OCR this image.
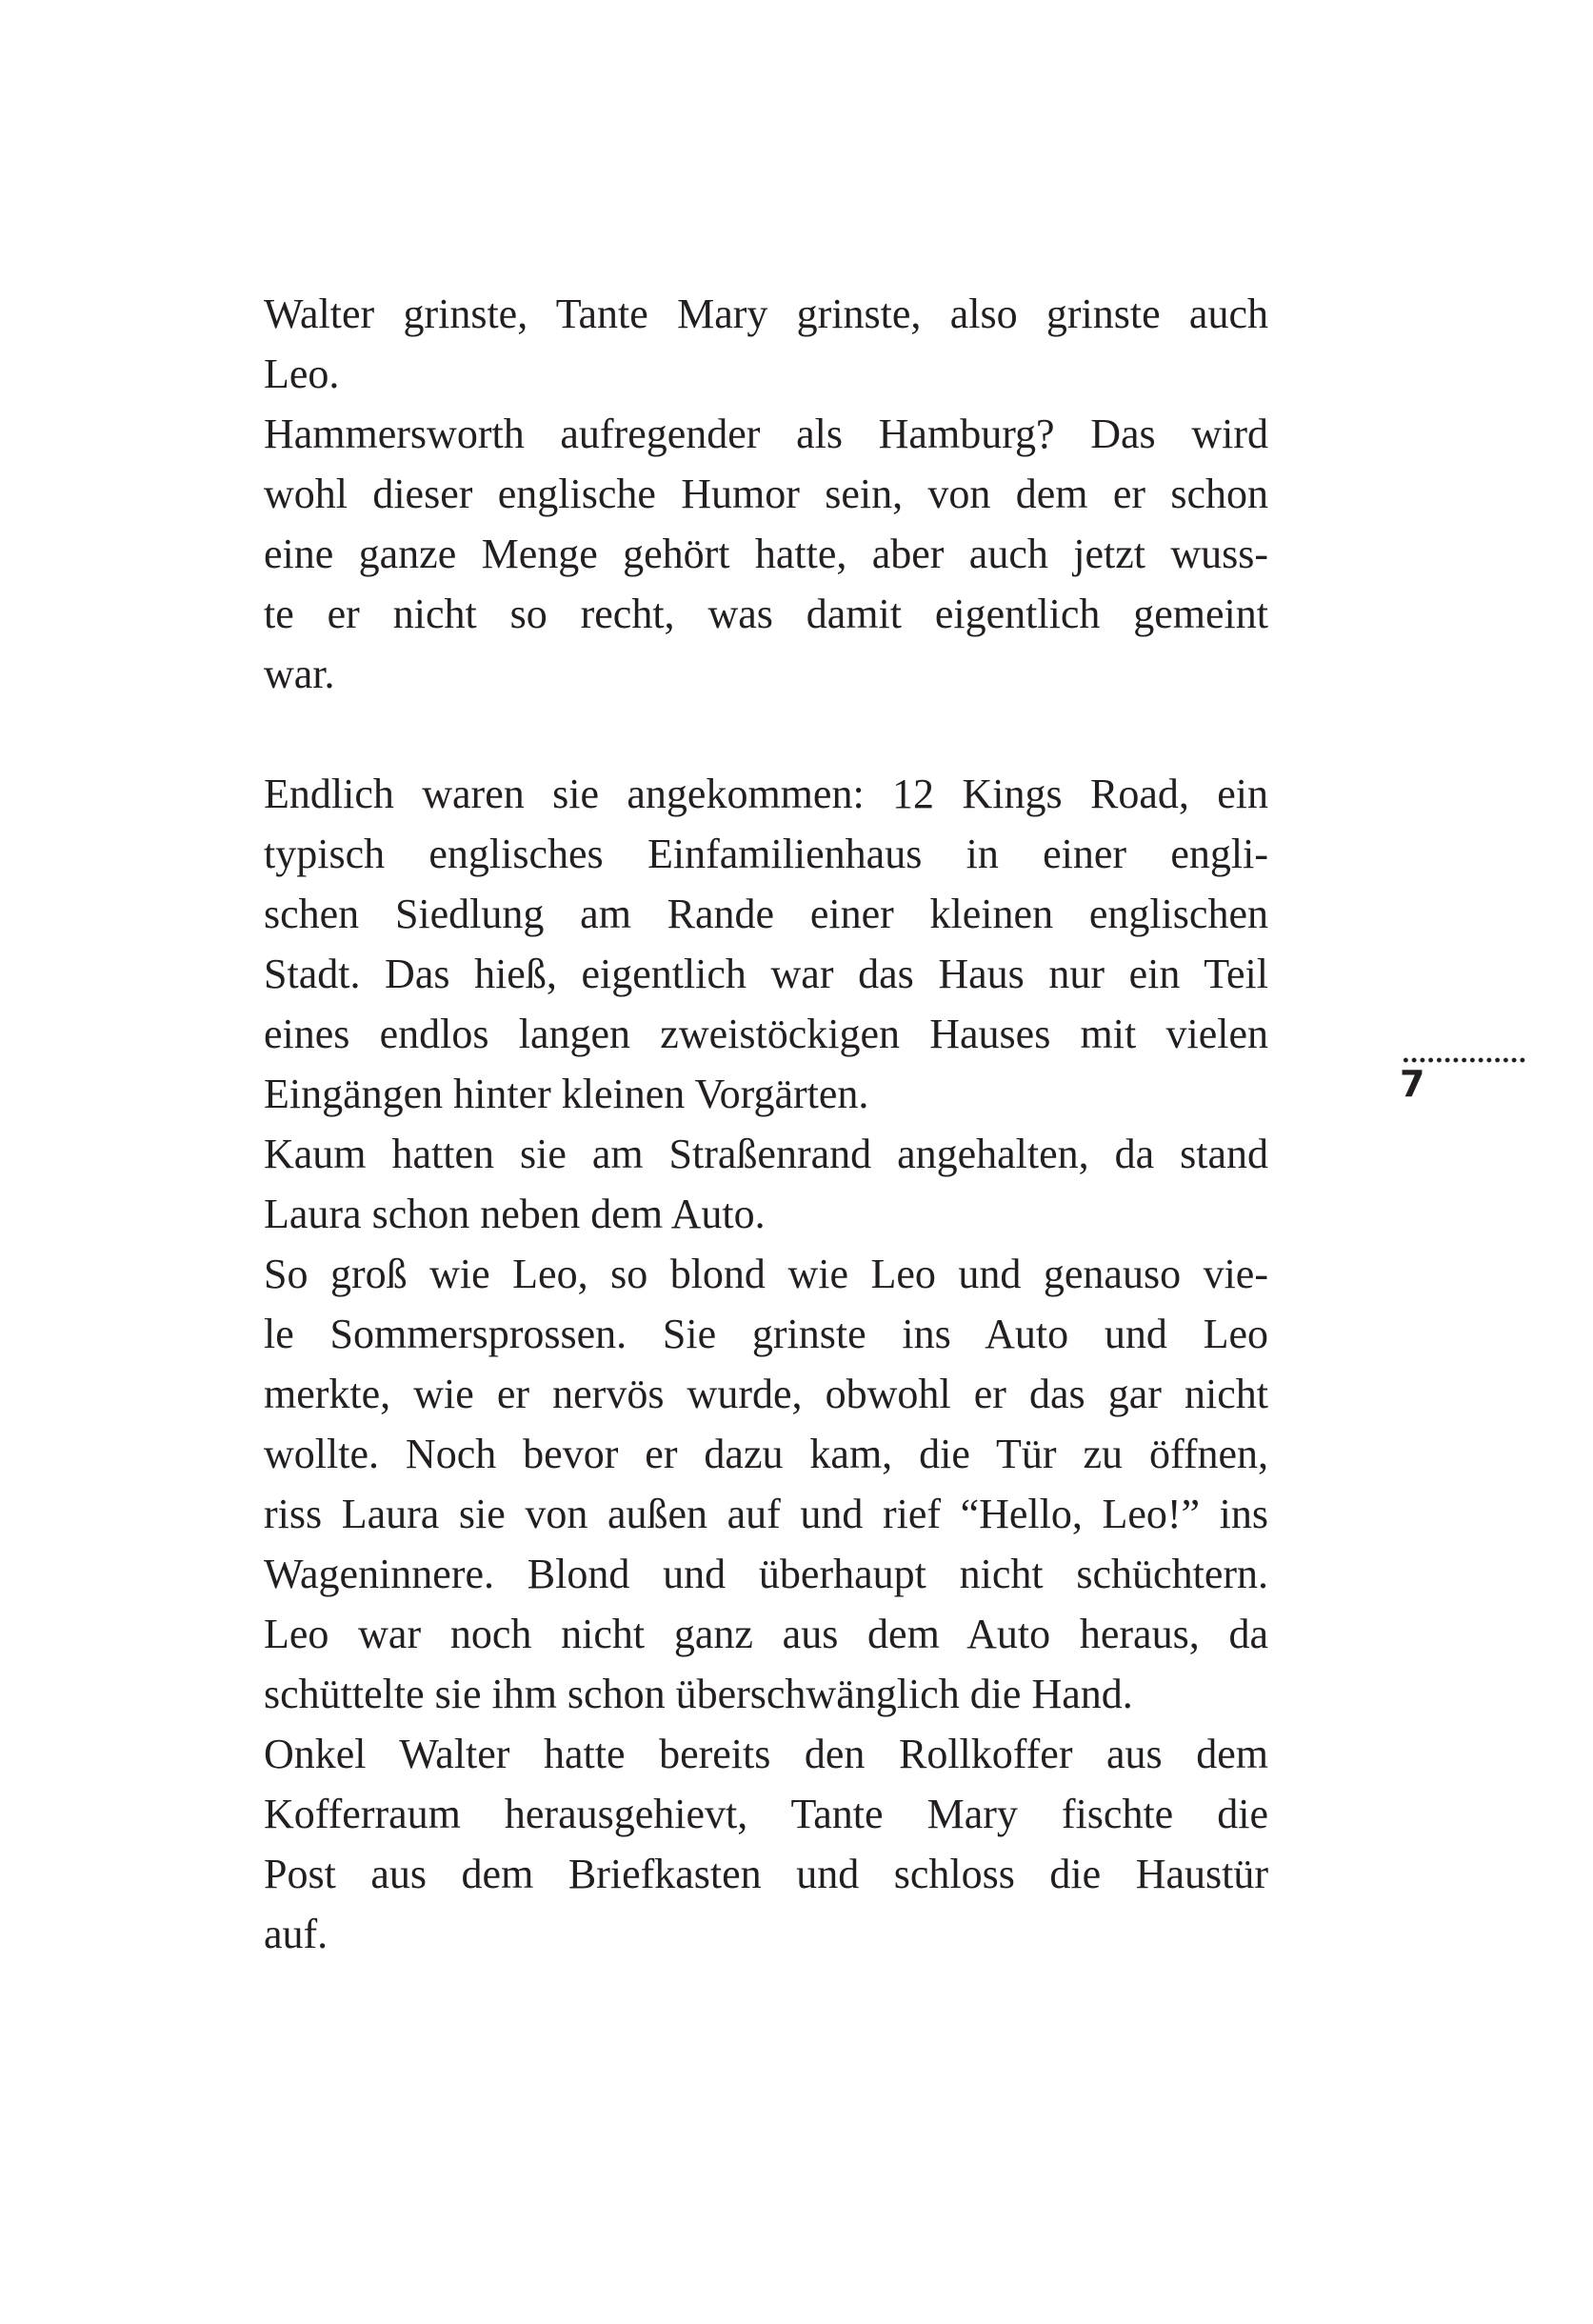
Walter grinste, Tante Mary grinste, also grinste auch
Leo.
Hammersworth aufregender als Hamburg? Das wird
wohl dieser englische Humor sein, von dem er schon
eine ganze Menge gehört hatte, aber auch jetzt wuss-
te er nicht so recht, was damit eigentlich gemeint
war.
Endlich waren sie angekommen: 12 Kings Road, ein
typisch englisches Einfamilienhaus in einer engli-
schen Siedlung am Rande einer kleinen englischen
Stadt. Das hieß, eigentlich war das Haus nur ein Teil
eines endlos langen zweistöckigen Hauses mit vielen
Eingängen hinter kleinen Vorgärten.
Kaum hatten sie am Straßenrand angehalten, da stand
Laura schon neben dem Auto.
So groß wie Leo, so blond wie Leo und genauso vie-
le Sommersprossen. Sie grinste ins Auto und Leo
merkte, wie er nervös wurde, obwohl er das gar nicht
wollte. Noch bevor er dazu kam, die Tür zu öffnen,
riss Laura sie von außen auf und rief “Hello, Leo!” ins
Wageninnere. Blond und überhaupt nicht schüchtern.
Leo war noch nicht ganz aus dem Auto heraus, da
schüttelte sie ihm schon überschwänglich die Hand.
Onkel Walter hatte bereits den Rollkoffer aus dem
Kofferraum herausgehievt, Tante Mary fischte die
Post aus dem Briefkasten und schloss die Haustür
auf.
7
